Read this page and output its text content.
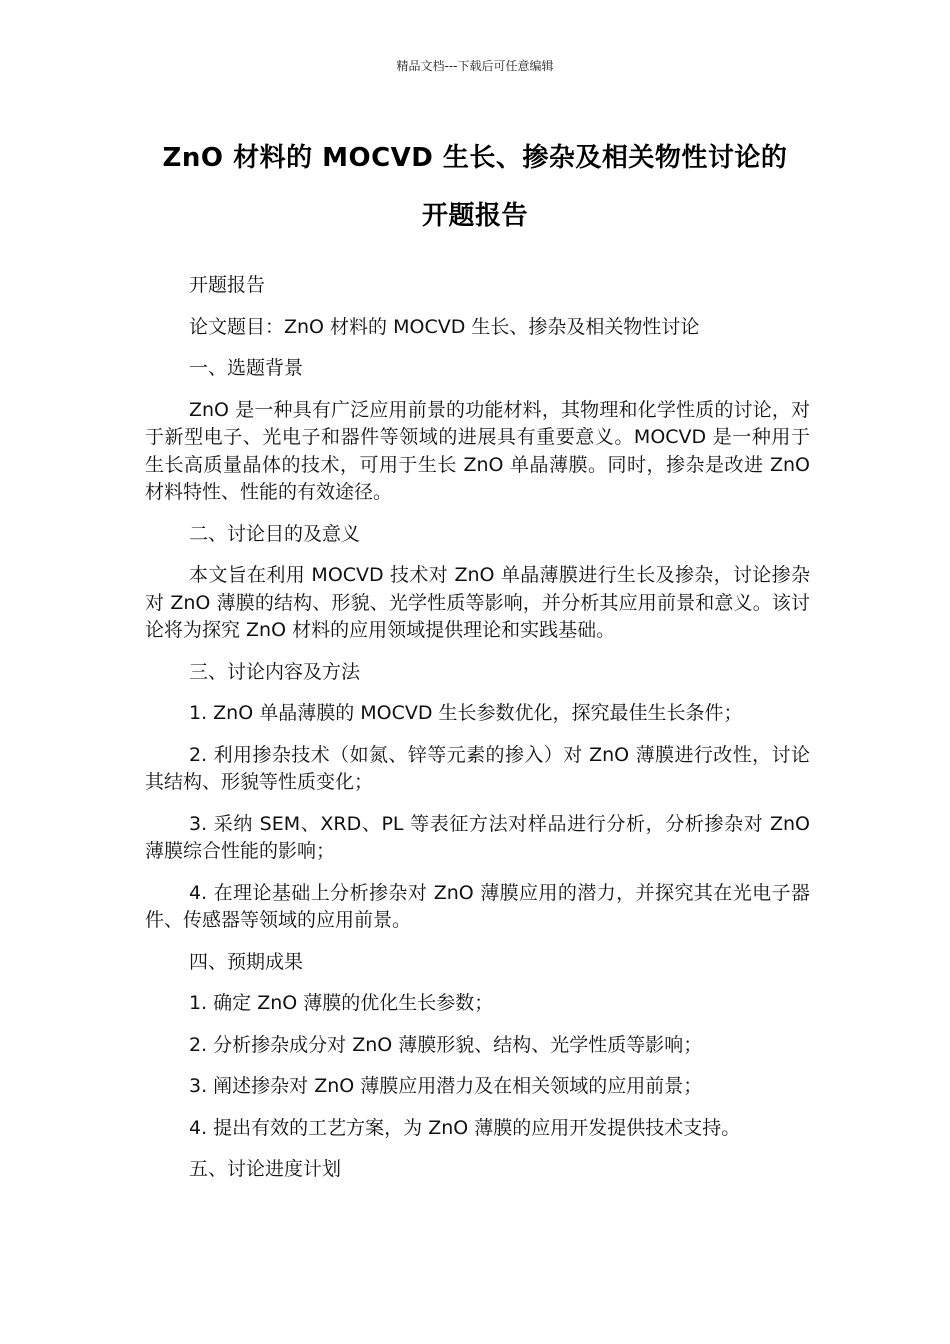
精品文档---下载后可任意编辑
ZnO 材料的 MOCVD 生长、掺杂及相关物性讨论的
开题报告

开题报告

论文题目：ZnO 材料的 MOCVD 生长、掺杂及相关物性讨论

一、选题背景

ZnO 是一种具有广泛应用前景的功能材料，其物理和化学性质的讨论，对于新型电子、光电子和器件等领域的进展具有重要意义。MOCVD 是一种用于生长高质量晶体的技术，可用于生长 ZnO 单晶薄膜。同时，掺杂是改进 ZnO 材料特性、性能的有效途径。

二、讨论目的及意义

本文旨在利用 MOCVD 技术对 ZnO 单晶薄膜进行生长及掺杂，讨论掺杂对 ZnO 薄膜的结构、形貌、光学性质等影响，并分析其应用前景和意义。该讨论将为探究 ZnO 材料的应用领域提供理论和实践基础。

三、讨论内容及方法

1. ZnO 单晶薄膜的 MOCVD 生长参数优化，探究最佳生长条件；

2. 利用掺杂技术（如氮、锌等元素的掺入）对 ZnO 薄膜进行改性，讨论其结构、形貌等性质变化；

3. 采纳 SEM、XRD、PL 等表征方法对样品进行分析，分析掺杂对 ZnO 薄膜综合性能的影响；

4. 在理论基础上分析掺杂对 ZnO 薄膜应用的潜力，并探究其在光电子器件、传感器等领域的应用前景。

四、预期成果

1. 确定 ZnO 薄膜的优化生长参数；

2. 分析掺杂成分对 ZnO 薄膜形貌、结构、光学性质等影响；

3. 阐述掺杂对 ZnO 薄膜应用潜力及在相关领域的应用前景；

4. 提出有效的工艺方案，为 ZnO 薄膜的应用开发提供技术支持。

五、讨论进度计划
